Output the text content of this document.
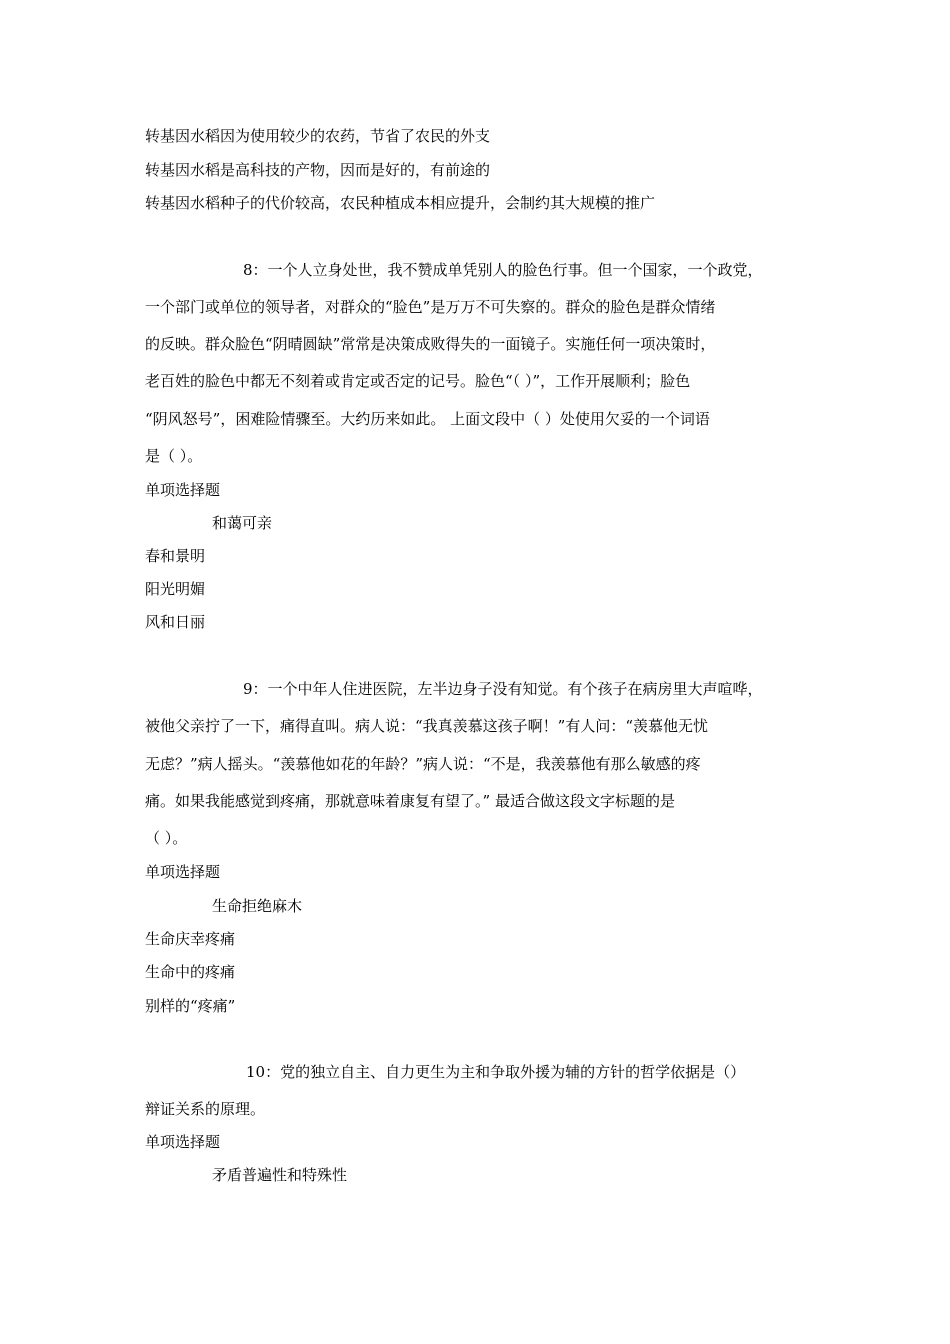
转基因水稻因为使用较少的农药，节省了农民的外支
转基因水稻是高科技的产物，因而是好的，有前途的
转基因水稻种子的代价较高，农民种植成本相应提升，会制约其大规模的推广
8：一个人立身处世，我不赞成单凭别人的脸色行事。但一个国家，一个政党，
一个部门或单位的领导者，对群众的“脸色”是万万不可失察的。群众的脸色是群众情绪
的反映。群众脸色“阴晴圆缺”常常是决策成败得失的一面镜子。实施任何一项决策时，
老百姓的脸色中都无不刻着或肯定或否定的记号。脸色“（ ）”，工作开展顺利；脸色
“阴风怒号”，困难险情骤至。大约历来如此。 上面文段中（ ）处使用欠妥的一个词语
是（ ）。
单项选择题
和蔼可亲
春和景明
阳光明媚
风和日丽
9：一个中年人住进医院，左半边身子没有知觉。有个孩子在病房里大声喧哗，
被他父亲拧了一下，痛得直叫。病人说：“我真羡慕这孩子啊！”有人问：“羡慕他无忧
无虑？”病人摇头。“羡慕他如花的年龄？”病人说：“不是，我羡慕他有那么敏感的疼
痛。如果我能感觉到疼痛，那就意味着康复有望了。” 最适合做这段文字标题的是
（ ）。
单项选择题
生命拒绝麻木
生命庆幸疼痛
生命中的疼痛
别样的“疼痛”
10：党的独立自主、自力更生为主和争取外援为辅的方针的哲学依据是（）
辩证关系的原理。
单项选择题
矛盾普遍性和特殊性
